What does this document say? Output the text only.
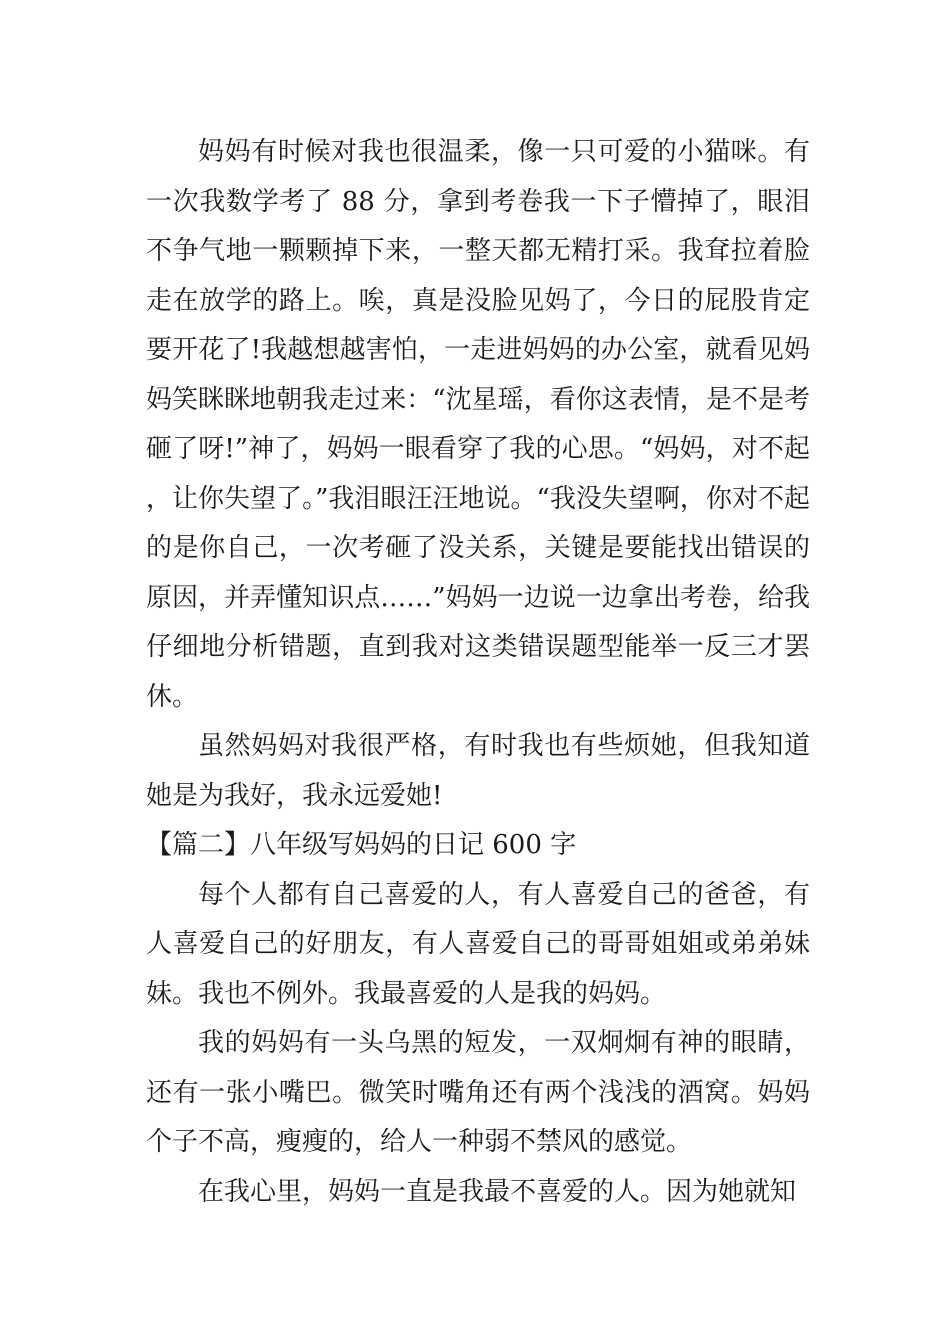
妈妈有时候对我也很温柔，像一只可爱的小猫咪。有一次我数学考了 88 分，拿到考卷我一下子懵掉了，眼泪不争气地一颗颗掉下来，一整天都无精打采。我耷拉着脸走在放学的路上。唉，真是没脸见妈了，今日的屁股肯定要开花了!我越想越害怕，一走进妈妈的办公室，就看见妈妈笑眯眯地朝我走过来：“沈星瑶，看你这表情，是不是考砸了呀!”神了，妈妈一眼看穿了我的心思。“妈妈，对不起，让你失望了。”我泪眼汪汪地说。“我没失望啊，你对不起的是你自己，一次考砸了没关系，关键是要能找出错误的原因，并弄懂知识点……”妈妈一边说一边拿出考卷，给我仔细地分析错题，直到我对这类错误题型能举一反三才罢休。

虽然妈妈对我很严格，有时我也有些烦她，但我知道她是为我好，我永远爱她!

【篇二】八年级写妈妈的日记 600 字

每个人都有自己喜爱的人，有人喜爱自己的爸爸，有人喜爱自己的好朋友，有人喜爱自己的哥哥姐姐或弟弟妹妹。我也不例外。我最喜爱的人是我的妈妈。

我的妈妈有一头乌黑的短发，一双炯炯有神的眼睛，还有一张小嘴巴。微笑时嘴角还有两个浅浅的酒窝。妈妈个子不高，瘦瘦的，给人一种弱不禁风的感觉。

在我心里，妈妈一直是我最不喜爱的人。因为她就知
